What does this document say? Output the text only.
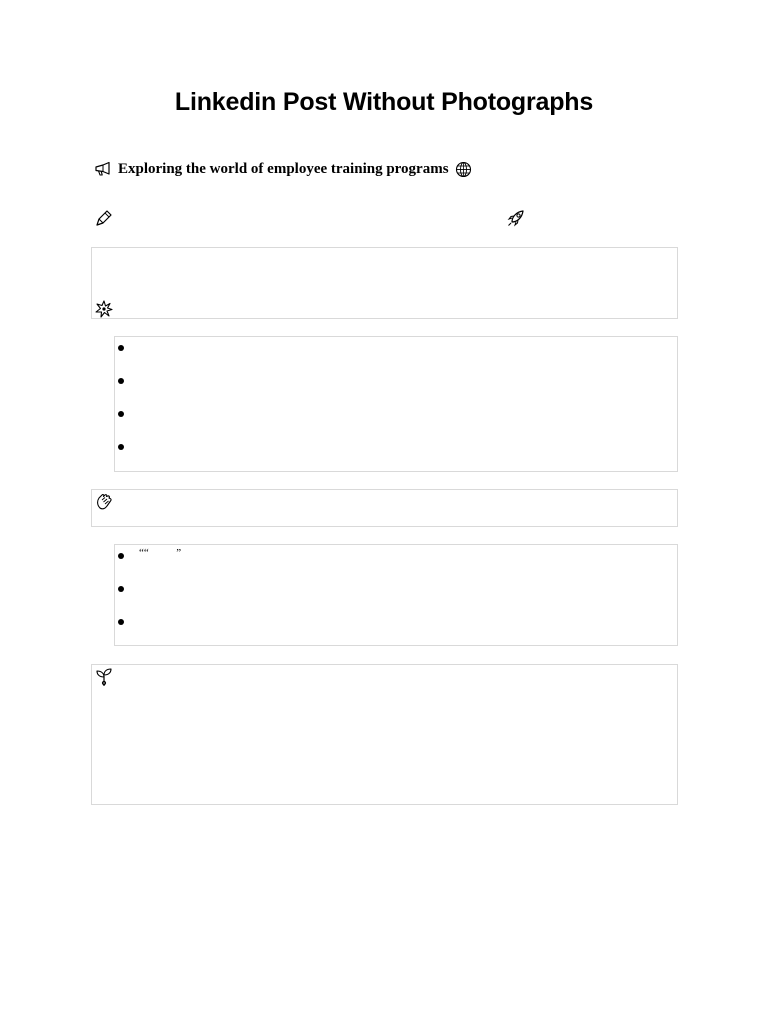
Linkedin Post Without Photographs
Exploring the world of employee training programs
““          ”
